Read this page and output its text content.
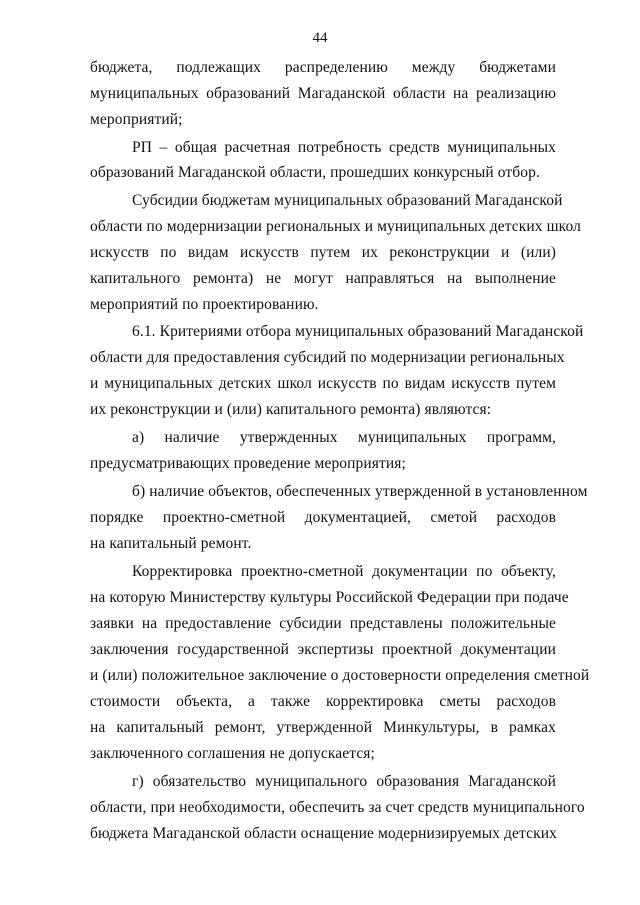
44
бюджета, подлежащих распределению между бюджетами
муниципальных образований Магаданской области на реализацию
мероприятий;
РП – общая расчетная потребность средств муниципальных
образований Магаданской области, прошедших конкурсный отбор.
Субсидии бюджетам муниципальных образований Магаданской
области по модернизации региональных и муниципальных детских школ
искусств по видам искусств путем их реконструкции и (или)
капитального ремонта) не могут направляться на выполнение
мероприятий по проектированию.
6.1. Критериями отбора муниципальных образований Магаданской
области для предоставления субсидий по модернизации региональных
и муниципальных детских школ искусств по видам искусств путем
их реконструкции и (или) капитального ремонта) являются:
а) наличие утвержденных муниципальных программ,
предусматривающих проведение мероприятия;
б) наличие объектов, обеспеченных утвержденной в установленном
порядке проектно-сметной документацией, сметой расходов
на капитальный ремонт.
Корректировка проектно-сметной документации по объекту,
на которую Министерству культуры Российской Федерации при подаче
заявки на предоставление субсидии представлены положительные
заключения государственной экспертизы проектной документации
и (или) положительное заключение о достоверности определения сметной
стоимости объекта, а также корректировка сметы расходов
на капитальный ремонт, утвержденной Минкультуры, в рамках
заключенного соглашения не допускается;
г) обязательство муниципального образования Магаданской
области, при необходимости, обеспечить за счет средств муниципального
бюджета Магаданской области оснащение модернизируемых детских
